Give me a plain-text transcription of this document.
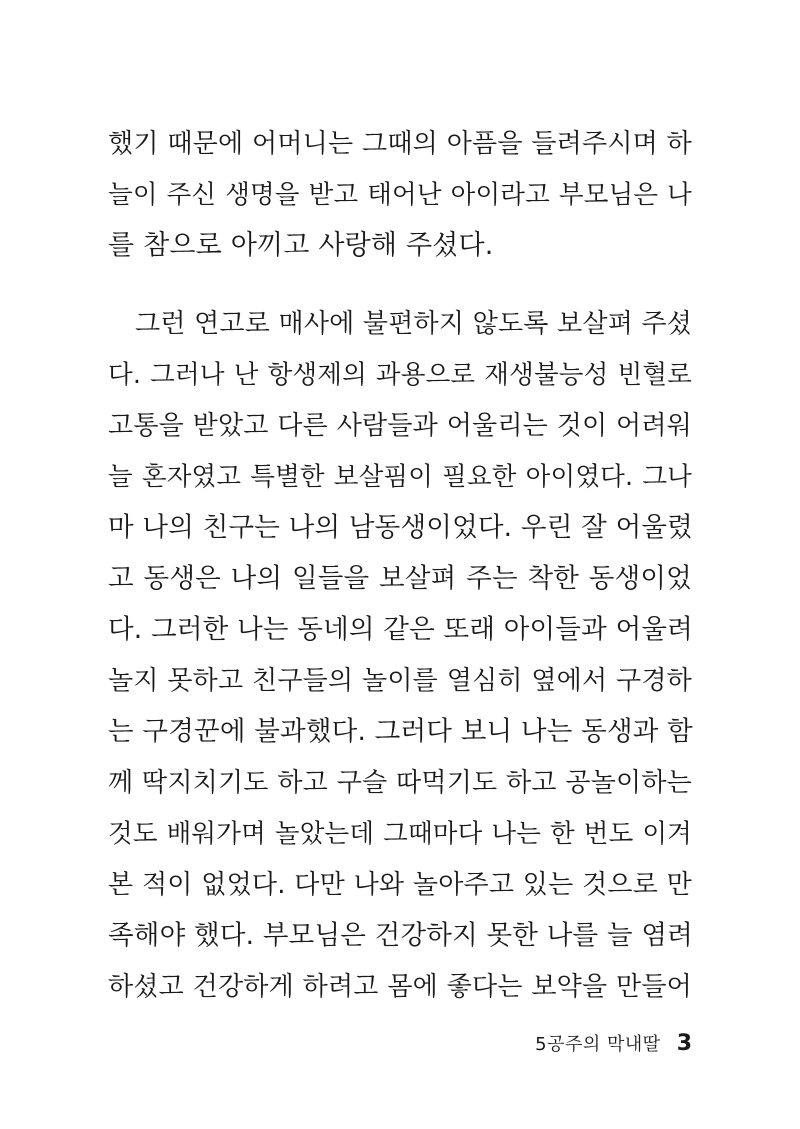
했기 때문에 어머니는 그때의 아픔을 들려주시며 하
늘이 주신 생명을 받고 태어난 아이라고 부모님은 나
를 참으로 아끼고 사랑해 주셨다.
그런 연고로 매사에 불편하지 않도록 보살펴 주셨
다. 그러나 난 항생제의 과용으로 재생불능성 빈혈로
고통을 받았고 다른 사람들과 어울리는 것이 어려워
늘 혼자였고 특별한 보살핌이 필요한 아이였다. 그나
마 나의 친구는 나의 남동생이었다. 우린 잘 어울렸
고 동생은 나의 일들을 보살펴 주는 착한 동생이었
다. 그러한 나는 동네의 같은 또래 아이들과 어울려
놀지 못하고 친구들의 놀이를 열심히 옆에서 구경하
는 구경꾼에 불과했다. 그러다 보니 나는 동생과 함
께 딱지치기도 하고 구슬 따먹기도 하고 공놀이하는
것도 배워가며 놀았는데 그때마다 나는 한 번도 이겨
본 적이 없었다. 다만 나와 놀아주고 있는 것으로 만
족해야 했다. 부모님은 건강하지 못한 나를 늘 염려
하셨고 건강하게 하려고 몸에 좋다는 보약을 만들어
5공주의 막내딸 3
